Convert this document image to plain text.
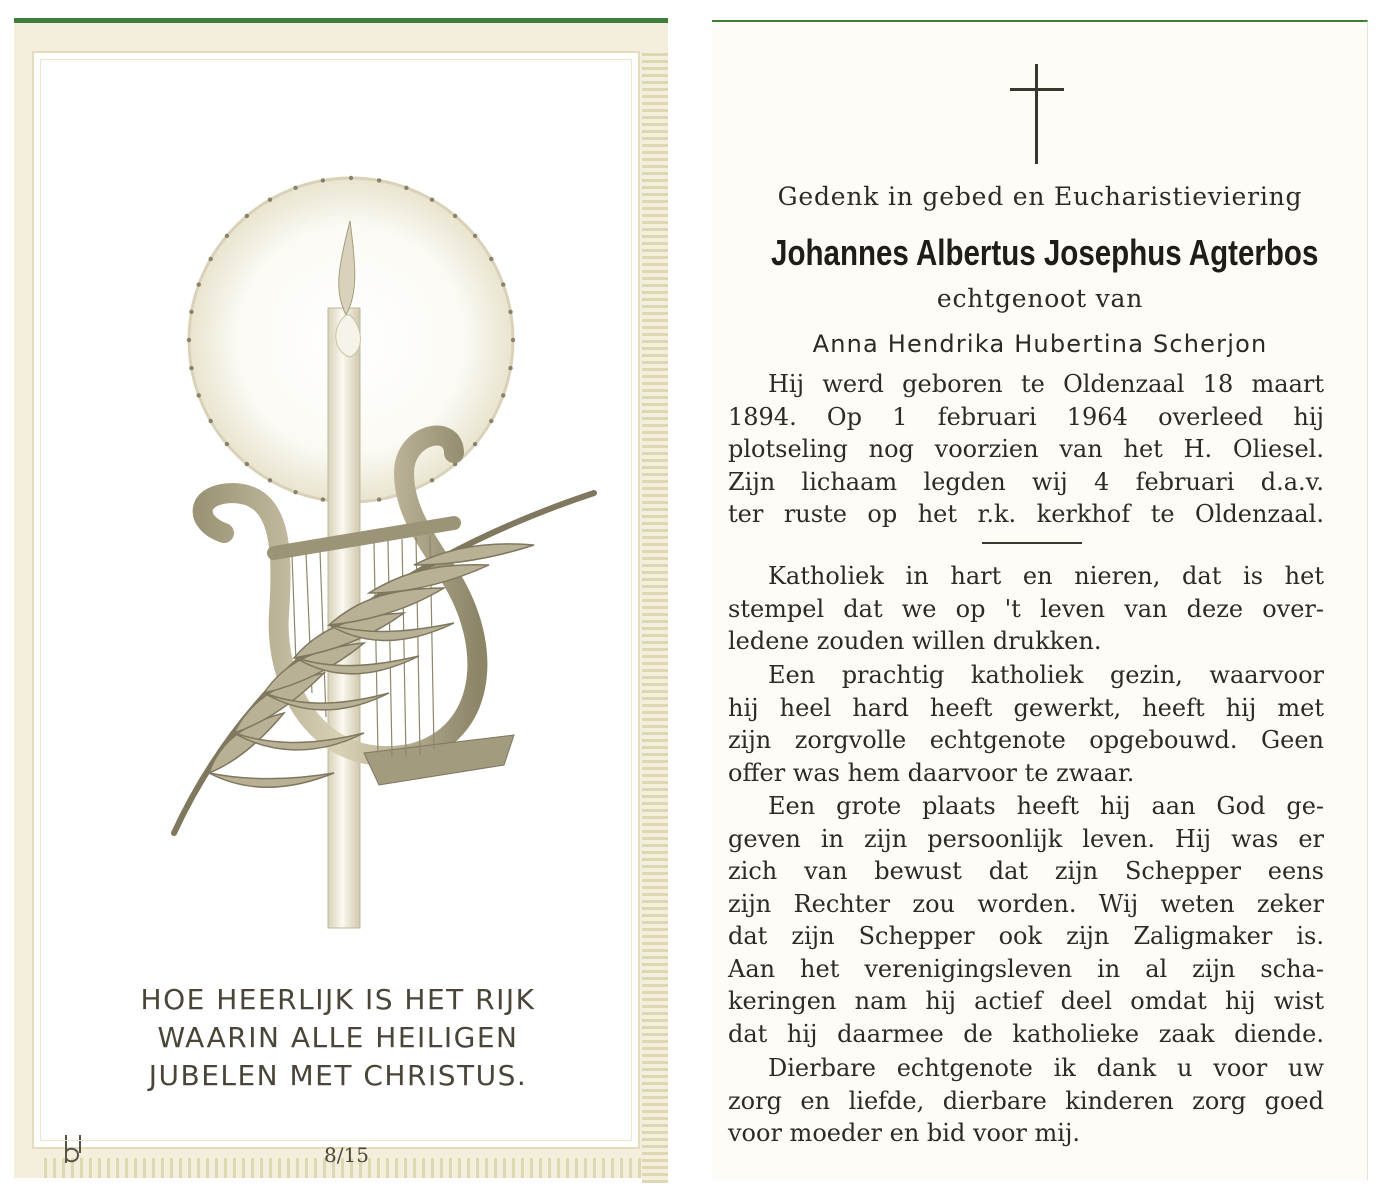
HOE HEERLIJK IS HET RIJK
WAARIN ALLE HEILIGEN
JUBELEN MET CHRISTUS.
8/15
Gedenk in gebed en Eucharistieviering
Johannes Albertus Josephus Agterbos
echtgenoot van
Anna Hendrika Hubertina Scherjon
Hij werd geboren te Oldenzaal 18 maart
1894. Op 1 februari 1964 overleed hij
plotseling nog voorzien van het H. Oliesel.
Zijn lichaam legden wij 4 februari d.a.v.
ter ruste op het r.k. kerkhof te Oldenzaal.
Katholiek in hart en nieren, dat is het
stempel dat we op 't leven van deze over-
ledene zouden willen drukken.
Een prachtig katholiek gezin, waarvoor
hij heel hard heeft gewerkt, heeft hij met
zijn zorgvolle echtgenote opgebouwd. Geen
offer was hem daarvoor te zwaar.
Een grote plaats heeft hij aan God ge-
geven in zijn persoonlijk leven. Hij was er
zich van bewust dat zijn Schepper eens
zijn Rechter zou worden. Wij weten zeker
dat zijn Schepper ook zijn Zaligmaker is.
Aan het verenigingsleven in al zijn scha-
keringen nam hij actief deel omdat hij wist
dat hij daarmee de katholieke zaak diende.
Dierbare echtgenote ik dank u voor uw
zorg en liefde, dierbare kinderen zorg goed
voor moeder en bid voor mij.
